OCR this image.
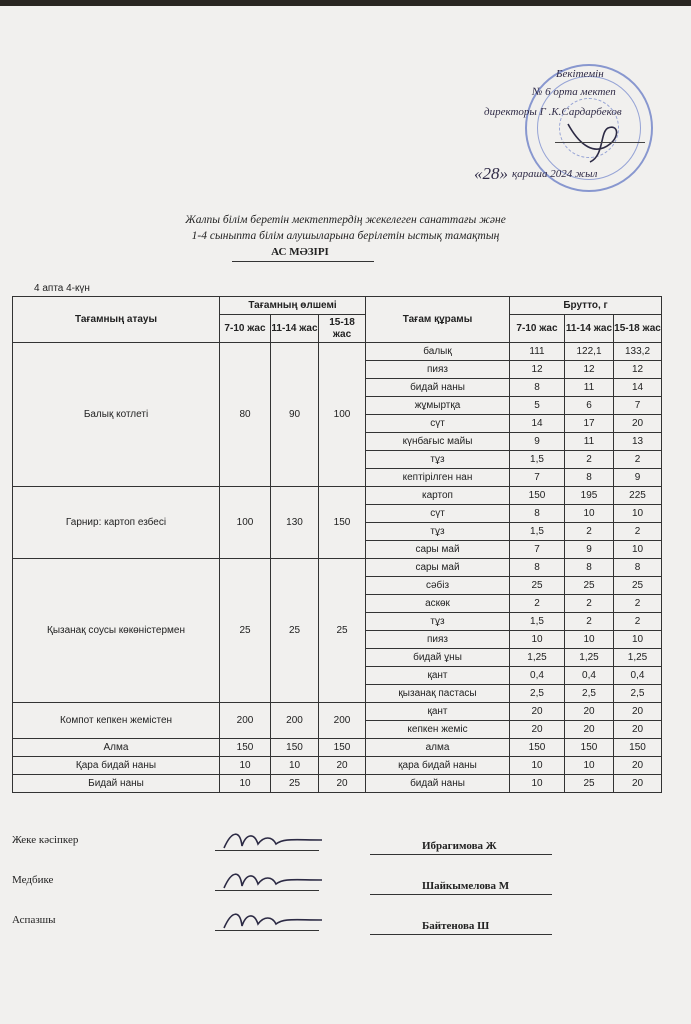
Бекітемін
№ 6 орта мектеп
директоры Г .К.Сардарбеков
«28» қараша 2024 жыл
Жалпы білім беретін мектептердің жекелеген санаттағы және
1-4 сыныпта білім алушыларына берілетін ыстық тамақтың
АС МӘЗІРІ
4 апта 4-күн
Тағамның атауы	Тағамның өлшемі			Тағам құрамы	Брутто, г		
	7-10 жас	11-14 жас	15-18 жас		7-10 жас	11-14 жас	15-18 жас
Балық котлеті	80	90	100	балық	111	122,1	133,2
				пияз	12	12	12
				бидай наны	8	11	14
				жұмыртқа	5	6	7
				сүт	14	17	20
				күнбағыс майы	9	11	13
				тұз	1,5	2	2
				кептірілген нан	7	8	9
Гарнир: картоп езбесі	100	130	150	картоп	150	195	225
				сүт	8	10	10
				тұз	1,5	2	2
				сары май	7	9	10
Қызанақ соусы көкөністермен	25	25	25	сары май	8	8	8
				сәбіз	25	25	25
				аскөк	2	2	2
				тұз	1,5	2	2
				пияз	10	10	10
				бидай ұны	1,25	1,25	1,25
				қант	0,4	0,4	0,4
				қызанақ пастасы	2,5	2,5	2,5
Компот кепкен жемістен	200	200	200	қант	20	20	20
				кепкен жеміс	20	20	20
Алма	150	150	150	алма	150	150	150
Қара бидай наны	10	10	20	қара бидай наны	10	10	20
Бидай наны	10	25	20	бидай наны	10	25	20
Жеке кәсіпкер	Ибрагимова Ж
Медбике	Шайкымелова М
Аспазшы	Байтенова Ш
